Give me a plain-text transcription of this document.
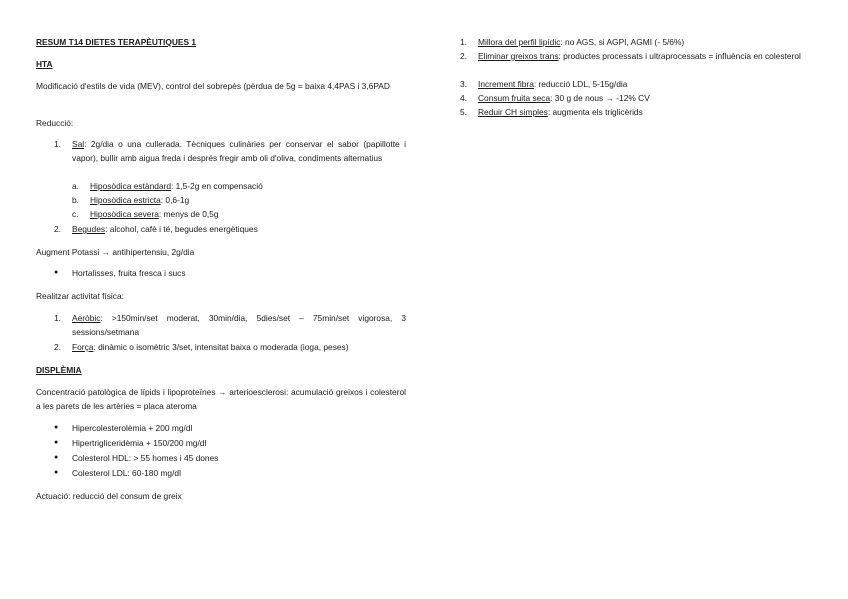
RESUM T14 DIETES TERAPÈUTIQUES 1
HTA
Modificació d'estils de vida (MEV), control del sobrepès (pèrdua de 5g = baixa 4,4PAS i 3,6PAD
Reducció:
1. Sal: 2g/dia o una cullerada. Tècniques culinàries per conservar el sabor (papillotte i vapor), bullir amb aigua freda i després fregir amb oli d'oliva, condiments alternatius
a. Hiposòdica estàndard: 1,5-2g en compensació
b. Hiposòdica estricta: 0,6-1g
c. Hiposòdica severa: menys de 0,5g
2. Begudes: alcohol, cafè i té, begudes energètiques
Augment Potassi → antihipertensiu, 2g/dia
● Hortalisses, fruita fresca i sucs
Realitzar activitat física:
1. Aeròbic: >150min/set moderat, 30min/dia, 5dies/set – 75min/set vigorosa, 3 sessions/setmana
2. Força: dinàmic o isomètric 3/set, intensitat baixa o moderada (ioga, peses)
DISPLÈMIA
Concentració patològica de lípids i lipoproteïnes → arterioesclerosi: acumulació greixos i colesterol a les parets de les artèries = placa ateroma
● Hipercolesterolèmia + 200 mg/dl
● Hipertrigliceridèmia + 150/200 mg/dl
● Colesterol HDL: > 55 homes i 45 dones
● Colesterol LDL: 60-180 mg/dl
Actuació: reducció del consum de greix
1. Millora del perfil lipídic: no AGS, si AGPI, AGMI (- 5/6%)
2. Eliminar greixos trans: productes processats i ultraprocessats = influència en colesterol
3. Increment fibra: reducció LDL, 5-15g/dia
4. Consum fruita seca: 30 g de nous → -12% CV
5. Reduir CH simples: augmenta els triglicèrids
